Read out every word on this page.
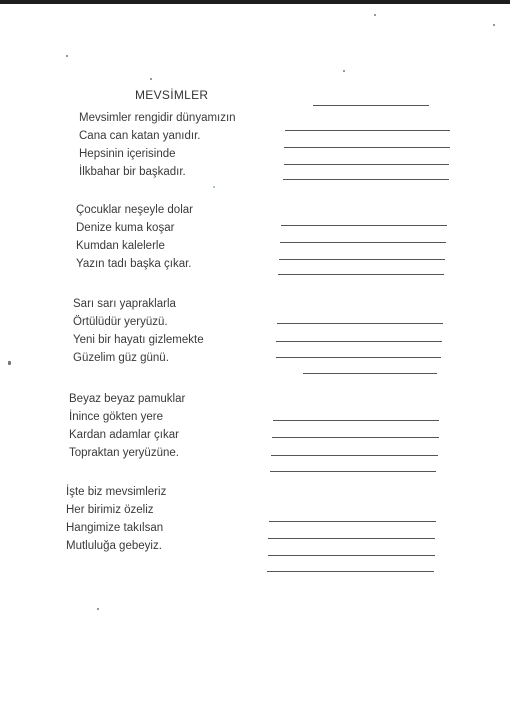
MEVSİMLER
Mevsimler rengidir dünyamızın
Cana can katan yanıdır.
Hepsinin içerisinde
İlkbahar bir başkadır.
Çocuklar neşeyle dolar
Denize kuma koşar
Kumdan kalelerle
Yazın tadı başka çıkar.
Sarı sarı yapraklarla
Örtülüdür yeryüzü.
Yeni bir hayatı gizlemekte
Güzelim güz günü.
Beyaz beyaz pamuklar
İnince gökten yere
Kardan adamlar çıkar
Topraktan yeryüzüne.
İşte biz mevsimleriz
Her birimiz özeliz
Hangimize takılsan
Mutluluğa gebeyiz.
